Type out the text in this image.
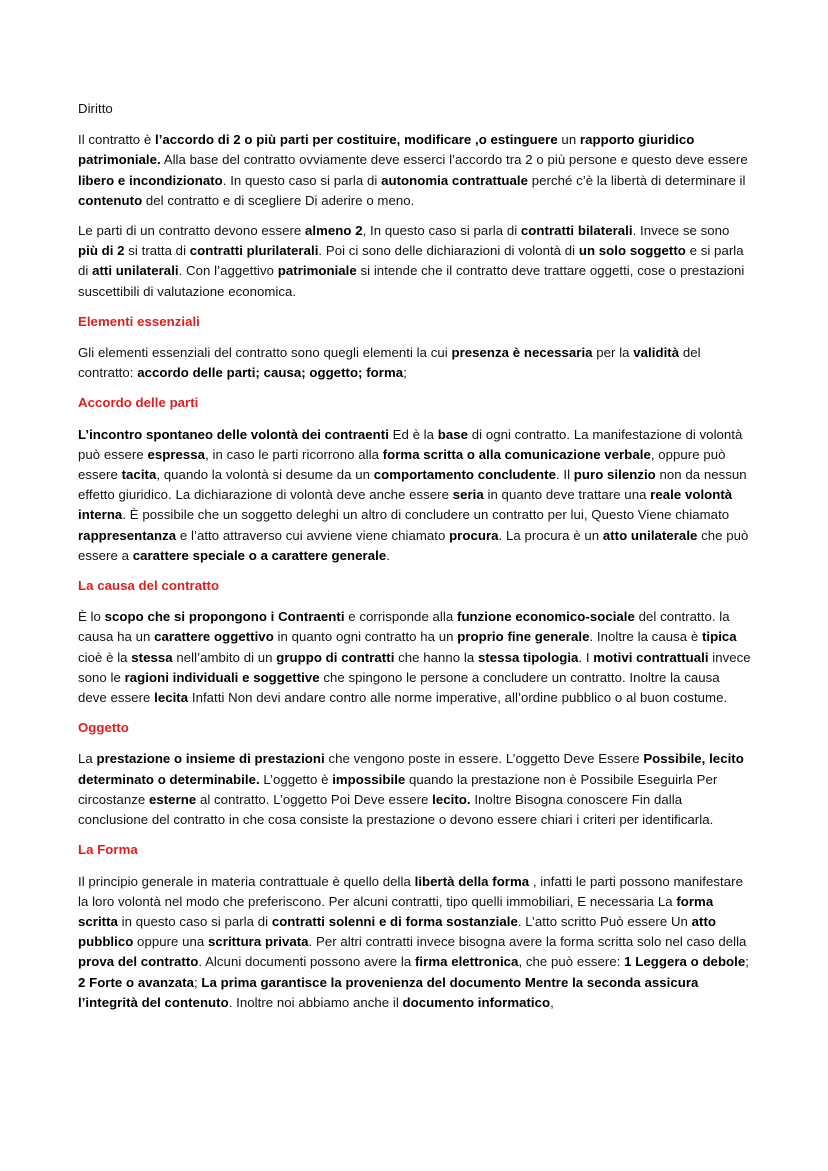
Diritto

Il contratto è l’accordo di 2 o più parti per costituire, modificare ,o estinguere un rapporto giuridico patrimoniale. Alla base del contratto ovviamente deve esserci l’accordo tra 2 o più persone e questo deve essere libero e incondizionato. In questo caso si parla di autonomia contrattuale perché c’è la libertà di determinare il contenuto del contratto e di scegliere Di aderire o meno.

Le parti di un contratto devono essere almeno 2, In questo caso si parla di contratti bilaterali. Invece se sono più di 2 si tratta di contratti plurilaterali. Poi ci sono delle dichiarazioni di volontà di un solo soggetto e si parla di atti unilaterali. Con l’aggettivo patrimoniale si intende che il contratto deve trattare oggetti, cose o prestazioni suscettibili di valutazione economica.

Elementi essenziali

Gli elementi essenziali del contratto sono quegli elementi la cui presenza è necessaria per la validità del contratto: accordo delle parti; causa; oggetto; forma;

Accordo delle parti

L’incontro spontaneo delle volontà dei contraenti Ed è la base di ogni contratto. La manifestazione di volontà può essere espressa, in caso le parti ricorrono alla forma scritta o alla comunicazione verbale, oppure può essere tacita, quando la volontà si desume da un comportamento concludente. Il puro silenzio non da nessun effetto giuridico. La dichiarazione di volontà deve anche essere seria in quanto deve trattare una reale volontà interna. È possibile che un soggetto deleghi un altro di concludere un contratto per lui, Questo Viene chiamato rappresentanza e l’atto attraverso cui avviene viene chiamato procura. La procura è un atto unilaterale che può essere a carattere speciale o a carattere generale.

La causa del contratto

È lo scopo che si propongono i Contraenti e corrisponde alla funzione economico-sociale del contratto. la causa ha un carattere oggettivo in quanto ogni contratto ha un proprio fine generale. Inoltre la causa è tipica cioè è la stessa nell’ambito di un gruppo di contratti che hanno la stessa tipologia. I motivi contrattuali invece sono le ragioni individuali e soggettive che spingono le persone a concludere un contratto. Inoltre la causa deve essere lecita Infatti Non devi andare contro alle norme imperative, all’ordine pubblico o al buon costume.

Oggetto

La prestazione o insieme di prestazioni che vengono poste in essere. L’oggetto Deve Essere Possibile, lecito determinato o determinabile. L’oggetto è impossibile quando la prestazione non è Possibile Eseguirla Per circostanze esterne al contratto. L’oggetto Poi Deve essere lecito. Inoltre Bisogna conoscere Fin dalla conclusione del contratto in che cosa consiste la prestazione o devono essere chiari i criteri per identificarla.

La Forma

Il principio generale in materia contrattuale è quello della libertà della forma , infatti le parti possono manifestare la loro volontà nel modo che preferiscono. Per alcuni contratti, tipo quelli immobiliari, E necessaria La forma scritta in questo caso si parla di contratti solenni e di forma sostanziale. L’atto scritto Può essere Un atto pubblico oppure una scrittura privata. Per altri contratti invece bisogna avere la forma scritta solo nel caso della prova del contratto. Alcuni documenti possono avere la firma elettronica, che può essere: 1 Leggera o debole; 2 Forte o avanzata; La prima garantisce la provenienza del documento Mentre la seconda assicura l’integrità del contenuto. Inoltre noi abbiamo anche il documento informatico,
